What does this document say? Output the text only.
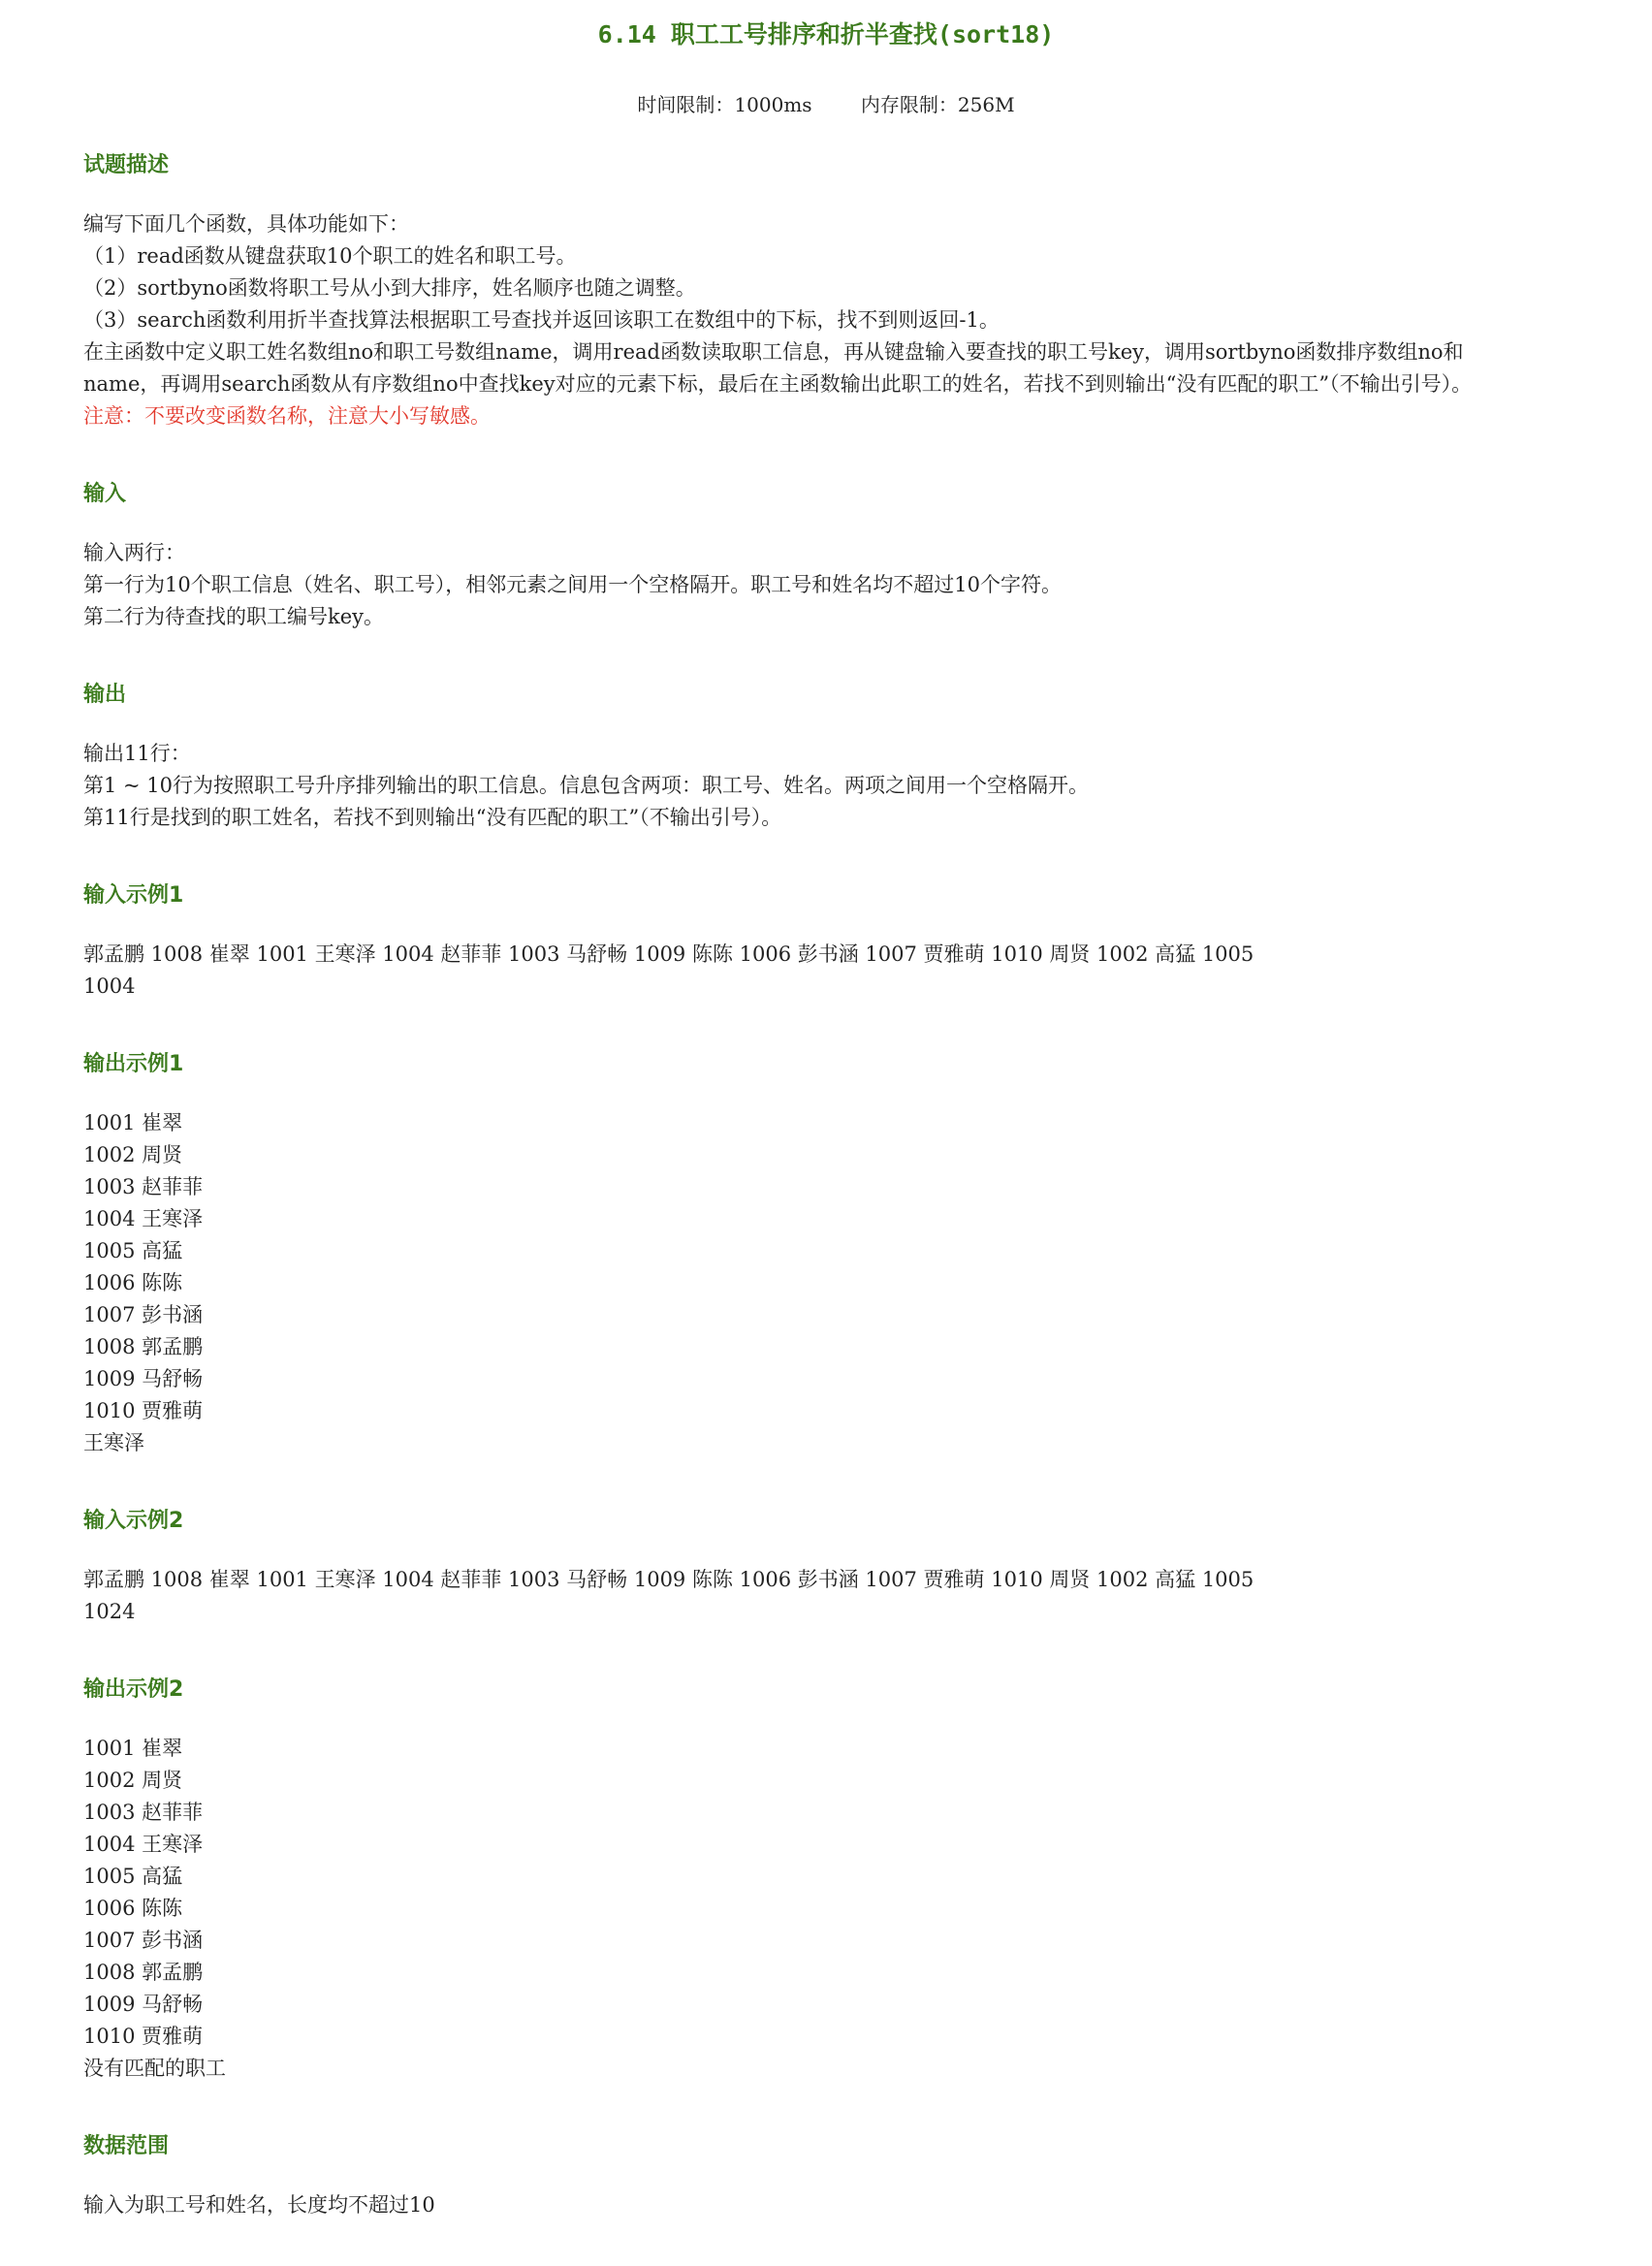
6.14 职工工号排序和折半查找(sort18)
时间限制：1000ms	内存限制：256M
试题描述
编写下面几个函数，具体功能如下：
（1）read函数从键盘获取10个职工的姓名和职工号。
（2）sortbyno函数将职工号从小到大排序，姓名顺序也随之调整。
（3）search函数利用折半查找算法根据职工号查找并返回该职工在数组中的下标，找不到则返回-1。
在主函数中定义职工姓名数组no和职工号数组name，调用read函数读取职工信息，再从键盘输入要查找的职工号key，调用sortbyno函数排序数组no和name，再调用search函数从有序数组no中查找key对应的元素下标，最后在主函数输出此职工的姓名，若找不到则输出“没有匹配的职工”（不输出引号）。
注意：不要改变函数名称，注意大小写敏感。
输入
输入两行：
第一行为10个职工信息（姓名、职工号），相邻元素之间用一个空格隔开。职工号和姓名均不超过10个字符。
第二行为待查找的职工编号key。
输出
输出11行：
第1 ~ 10行为按照职工号升序排列输出的职工信息。信息包含两项：职工号、姓名。两项之间用一个空格隔开。
第11行是找到的职工姓名，若找不到则输出“没有匹配的职工”（不输出引号）。
输入示例1
郭孟鹏 1008 崔翠 1001 王寒泽 1004 赵菲菲 1003 马舒畅 1009 陈陈 1006 彭书涵 1007 贾雅萌 1010 周贤 1002 高猛 1005
1004
输出示例1
1001 崔翠
1002 周贤
1003 赵菲菲
1004 王寒泽
1005 高猛
1006 陈陈
1007 彭书涵
1008 郭孟鹏
1009 马舒畅
1010 贾雅萌
王寒泽
输入示例2
郭孟鹏 1008 崔翠 1001 王寒泽 1004 赵菲菲 1003 马舒畅 1009 陈陈 1006 彭书涵 1007 贾雅萌 1010 周贤 1002 高猛 1005
1024
输出示例2
1001 崔翠
1002 周贤
1003 赵菲菲
1004 王寒泽
1005 高猛
1006 陈陈
1007 彭书涵
1008 郭孟鹏
1009 马舒畅
1010 贾雅萌
没有匹配的职工
数据范围
输入为职工号和姓名，长度均不超过10
